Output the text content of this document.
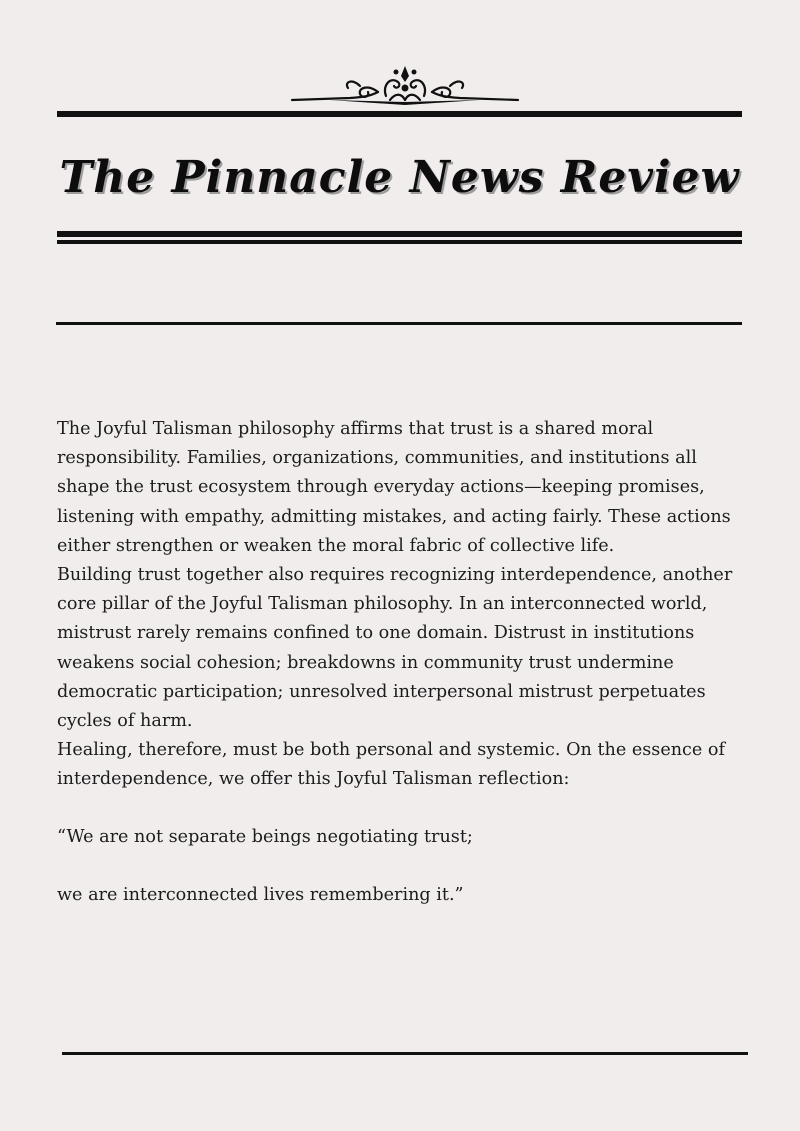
The Pinnacle News Review

The Joyful Talisman philosophy affirms that trust is a shared moral responsibility. Families, organizations, communities, and institutions all shape the trust ecosystem through everyday actions—keeping promises, listening with empathy, admitting mistakes, and acting fairly. These actions either strengthen or weaken the moral fabric of collective life.

Building trust together also requires recognizing interdependence, another core pillar of the Joyful Talisman philosophy. In an interconnected world, mistrust rarely remains confined to one domain. Distrust in institutions weakens social cohesion; breakdowns in community trust undermine democratic participation; unresolved interpersonal mistrust perpetuates cycles of harm.

Healing, therefore, must be both personal and systemic. On the essence of interdependence, we offer this Joyful Talisman reflection:

“We are not separate beings negotiating trust;

we are interconnected lives remembering it.”
